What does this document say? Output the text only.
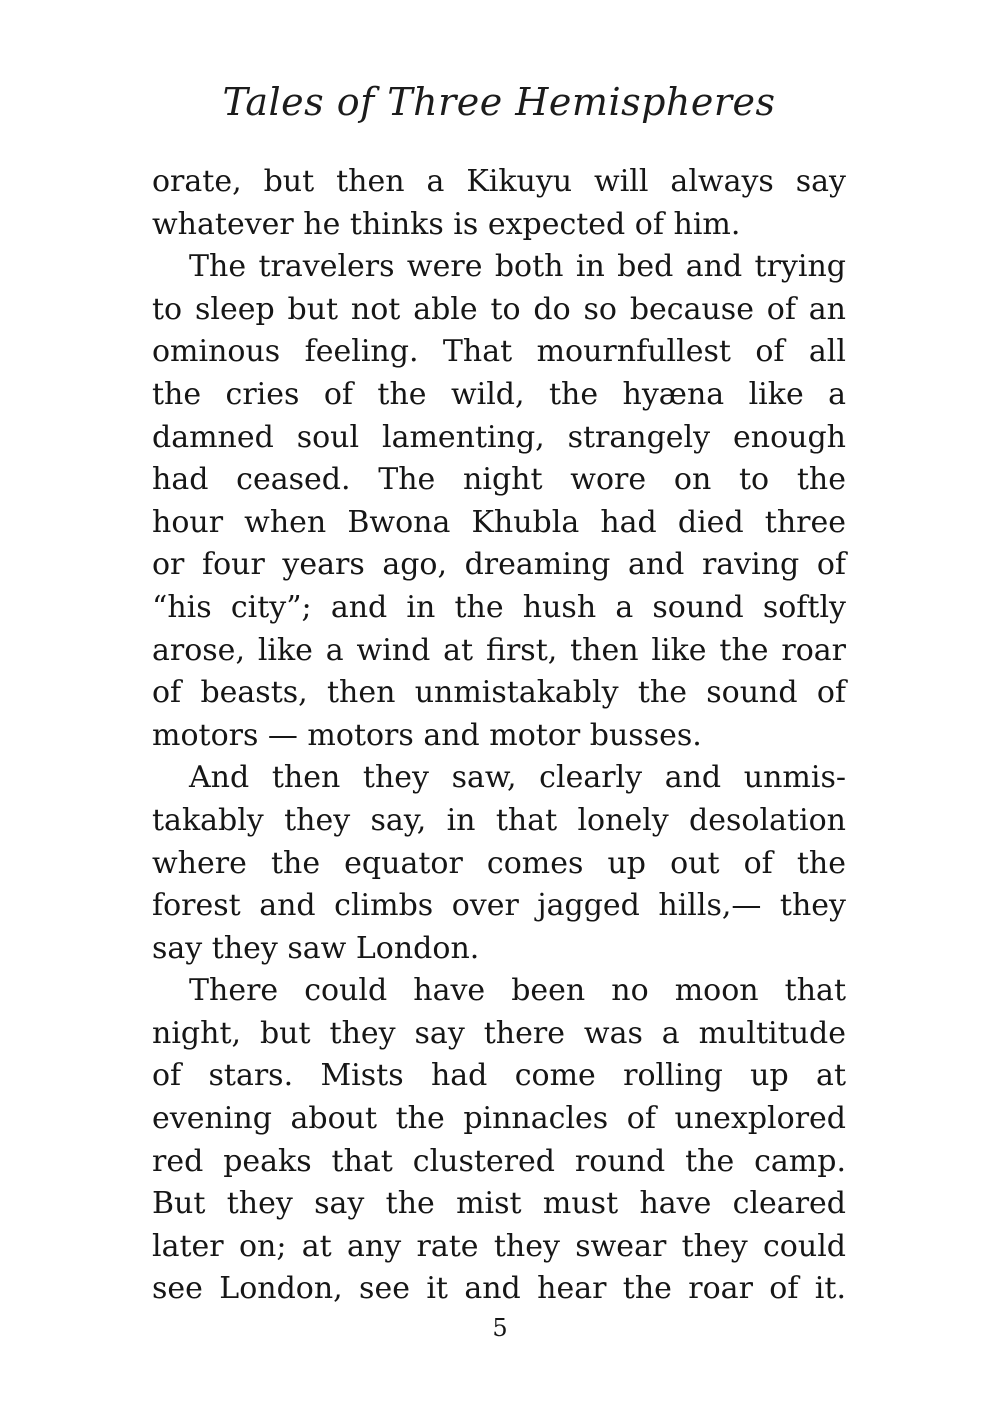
Tales of Three Hemispheres
orate, but then a Kikuyu will always say
whatever he thinks is expected of him.
The travelers were both in bed and trying
to sleep but not able to do so because of an
ominous feeling. That mournfullest of all
the cries of the wild, the hyæna like a
damned soul lamenting, strangely enough
had ceased. The night wore on to the
hour when Bwona Khubla had died three
or four years ago, dreaming and raving of
“his city”; and in the hush a sound softly
arose, like a wind at first, then like the roar
of beasts, then unmistakably the sound of
motors — motors and motor busses.
And then they saw, clearly and unmis-
takably they say, in that lonely desolation
where the equator comes up out of the
forest and climbs over jagged hills,— they
say they saw London.
There could have been no moon that
night, but they say there was a multitude
of stars. Mists had come rolling up at
evening about the pinnacles of unexplored
red peaks that clustered round the camp.
But they say the mist must have cleared
later on; at any rate they swear they could
see London, see it and hear the roar of it.
5
